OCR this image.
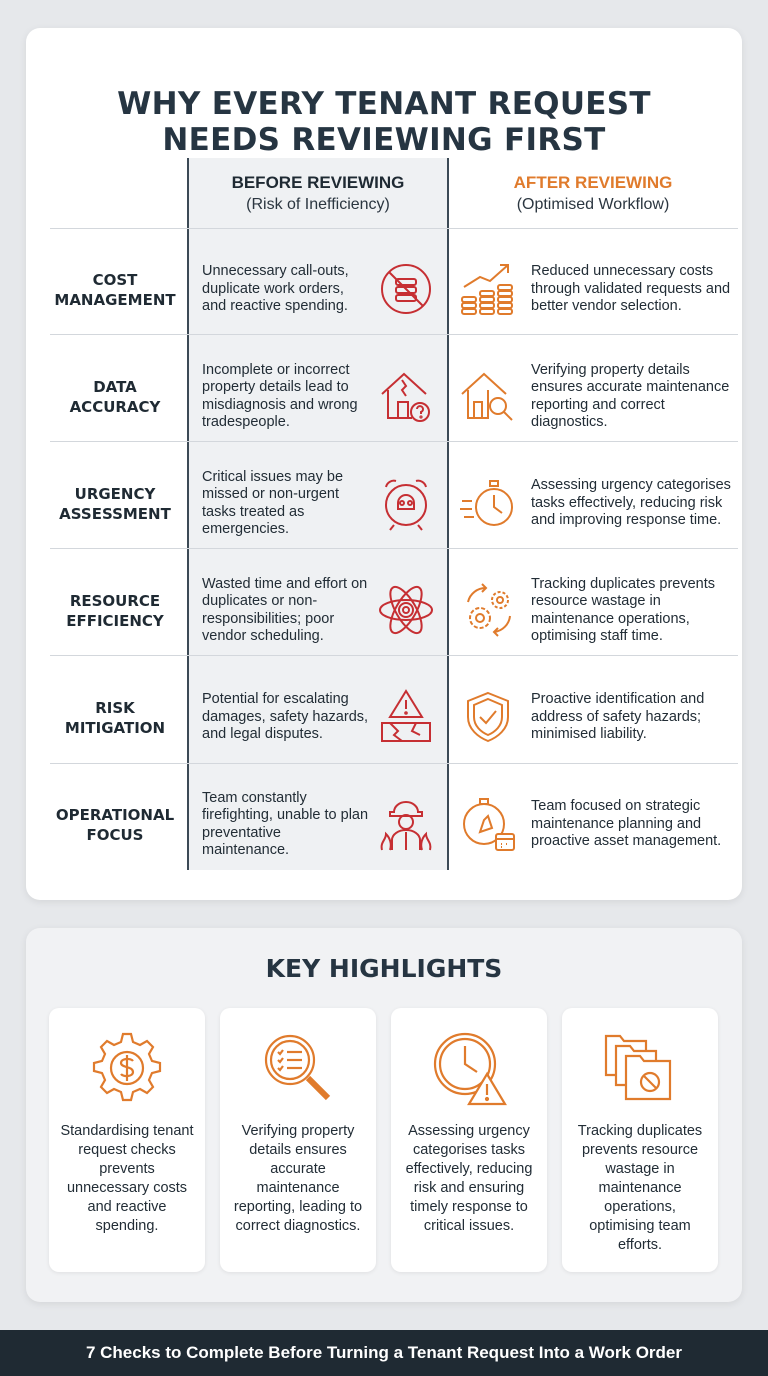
WHY EVERY TENANT REQUEST
NEEDS REVIEWING FIRST
BEFORE REVIEWING
(Risk of Inefficiency)
AFTER REVIEWING
(Optimised Workflow)
COST
MANAGEMENT
Unnecessary call-outs, duplicate work orders, and reactive spending.
Reduced unnecessary costs through validated requests and better vendor selection.
DATA
ACCURACY
Incomplete or incorrect property details lead to misdiagnosis and wrong tradespeople.
Verifying property details ensures accurate maintenance reporting and correct diagnostics.
URGENCY
ASSESSMENT
Critical issues may be missed or non-urgent tasks treated as emergencies.
Assessing urgency categorises tasks effectively, reducing risk and improving response time.
RESOURCE
EFFICIENCY
Wasted time and effort on duplicates or non-responsibilities; poor vendor scheduling.
Tracking duplicates prevents resource wastage in maintenance operations, optimising staff time.
RISK
MITIGATION
Potential for escalating damages, safety hazards, and legal disputes.
Proactive identification and address of safety hazards; minimised liability.
OPERATIONAL
FOCUS
Team constantly firefighting, unable to plan preventative maintenance.
Team focused on strategic maintenance planning and proactive asset management.
KEY HIGHLIGHTS
Standardising tenant request checks prevents unnecessary costs and reactive spending.
Verifying property details ensures accurate maintenance reporting, leading to correct diagnostics.
Assessing urgency categorises tasks effectively, reducing risk and ensuring timely response to critical issues.
Tracking duplicates prevents resource wastage in maintenance operations, optimising team efforts.
7 Checks to Complete Before Turning a Tenant Request Into a Work Order
